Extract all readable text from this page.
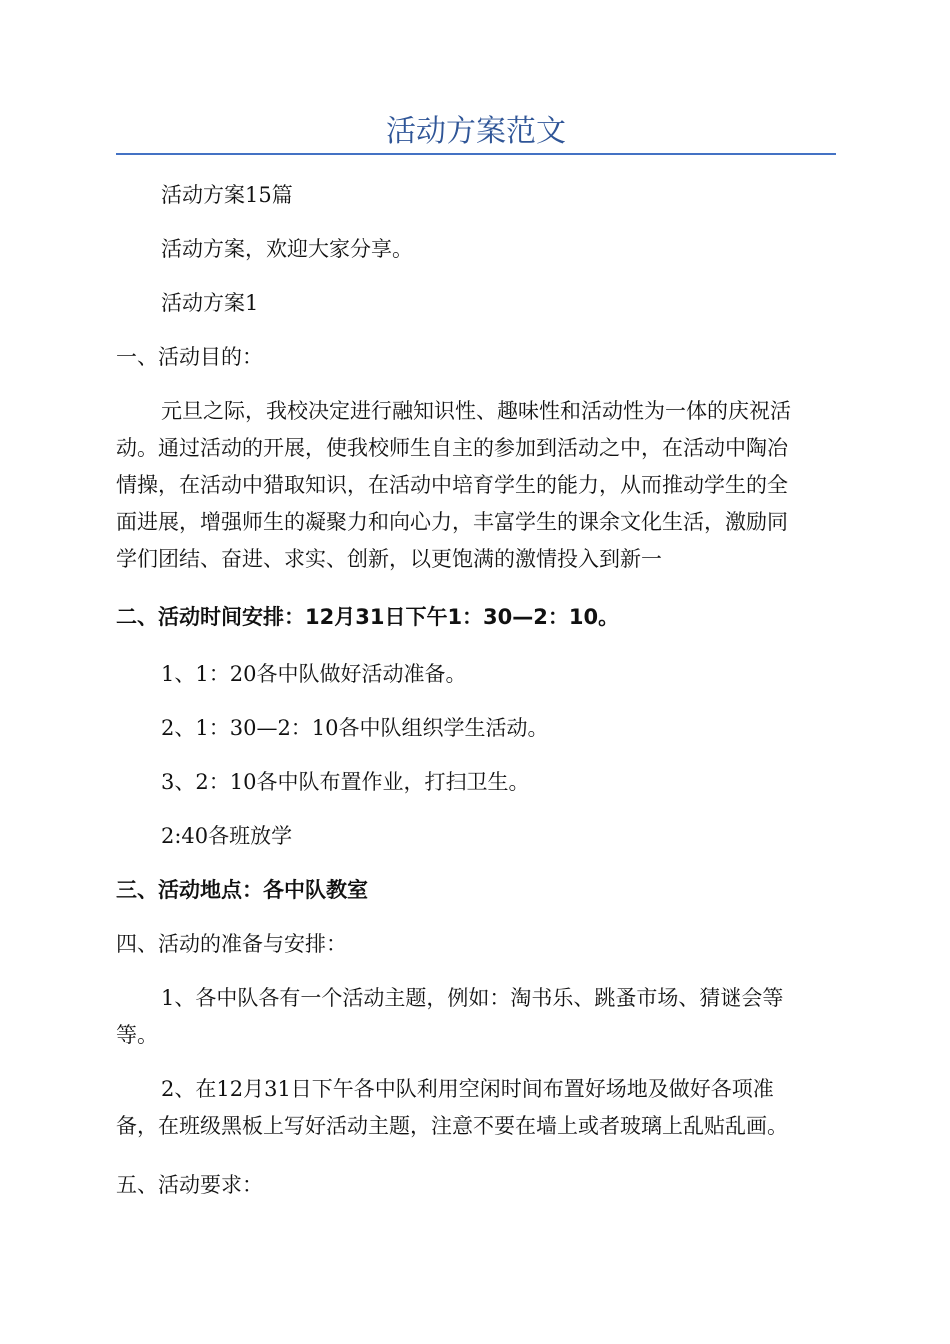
活动方案范文
活动方案15篇
活动方案，欢迎大家分享。
活动方案1
一、活动目的：
元旦之际，我校决定进行融知识性、趣味性和活动性为一体的庆祝活
动。通过活动的开展，使我校师生自主的参加到活动之中，在活动中陶冶
情操，在活动中猎取知识，在活动中培育学生的能力，从而推动学生的全
面进展，增强师生的凝聚力和向心力，丰富学生的课余文化生活，激励同
学们团结、奋进、求实、创新，以更饱满的激情投入到新一
二、活动时间安排：12月31日下午1：30—2：10。
1、1：20各中队做好活动准备。
2、1：30—2：10各中队组织学生活动。
3、2：10各中队布置作业，打扫卫生。
2:40各班放学
三、活动地点：各中队教室
四、活动的准备与安排：
1、各中队各有一个活动主题，例如：淘书乐、跳蚤市场、猜谜会等
等。
2、在12月31日下午各中队利用空闲时间布置好场地及做好各项准
备，在班级黑板上写好活动主题，注意不要在墙上或者玻璃上乱贴乱画。
五、活动要求：
